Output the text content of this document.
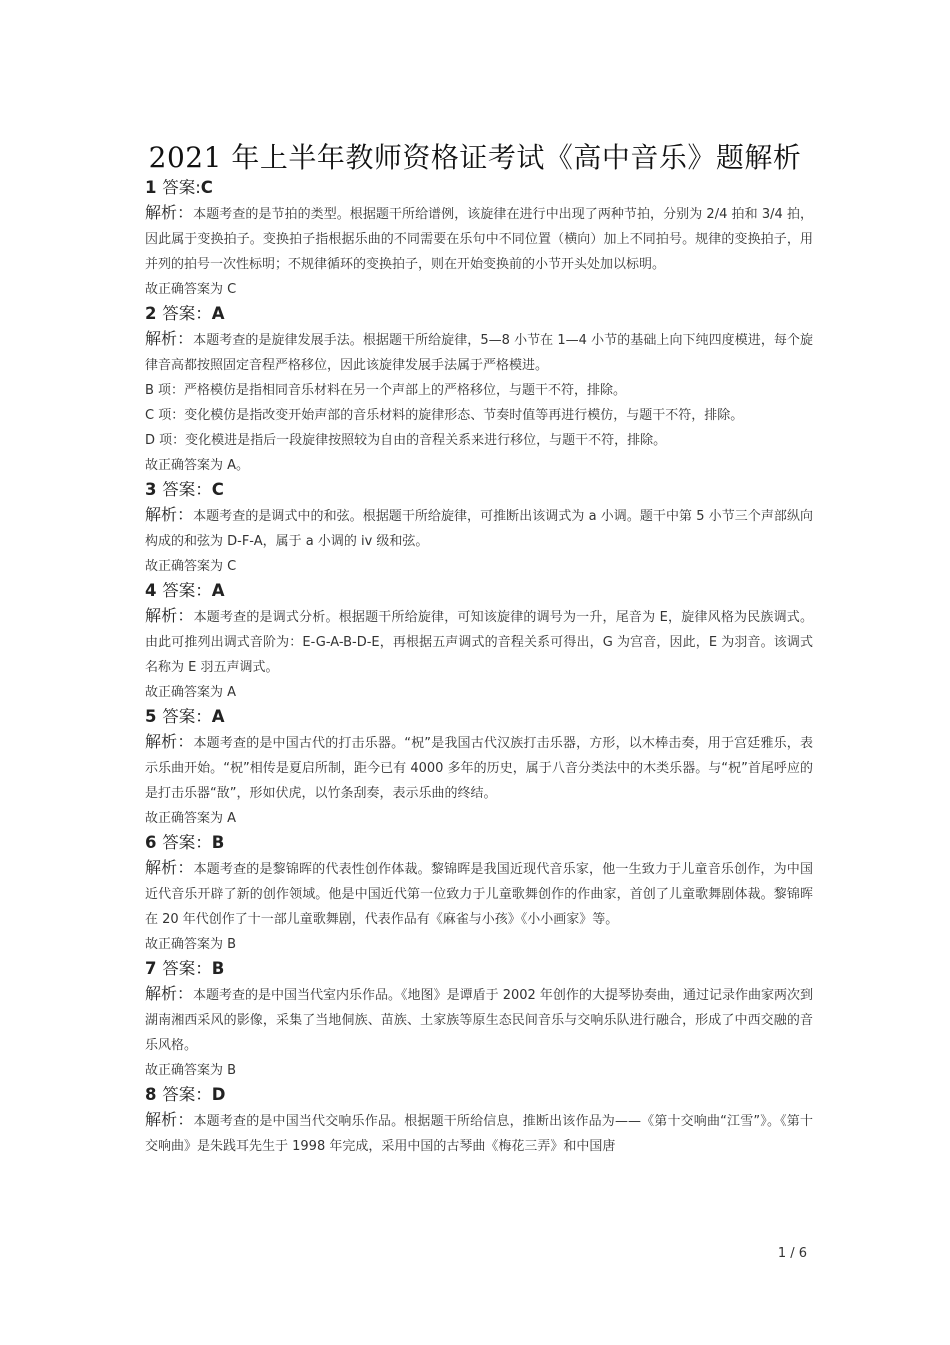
2021 年上半年教师资格证考试《高中音乐》题解析

1 答案:C

解析：本题考查的是节拍的类型。根据题干所给谱例，该旋律在进行中出现了两种节拍，分别为 2/4 拍和 3/4 拍，因此属于变换拍子。变换拍子指根据乐曲的不同需要在乐句中不同位置（横向）加上不同拍号。规律的变换拍子，用并列的拍号一次性标明；不规律循环的变换拍子，则在开始变换前的小节开头处加以标明。

故正确答案为 C

2 答案：A

解析：本题考查的是旋律发展手法。根据题干所给旋律，5—8 小节在 1—4 小节的基础上向下纯四度模进，每个旋律音高都按照固定音程严格移位，因此该旋律发展手法属于严格模进。

B 项：严格模仿是指相同音乐材料在另一个声部上的严格移位，与题干不符，排除。

C 项：变化模仿是指改变开始声部的音乐材料的旋律形态、节奏时值等再进行模仿，与题干不符，排除。

D 项：变化模进是指后一段旋律按照较为自由的音程关系来进行移位，与题干不符，排除。

故正确答案为 A。

3 答案：C

解析：本题考查的是调式中的和弦。根据题干所给旋律，可推断出该调式为 a 小调。题干中第 5 小节三个声部纵向构成的和弦为 D-F-A，属于 a 小调的 iv 级和弦。

故正确答案为 C

4 答案：A

解析：本题考查的是调式分析。根据题干所给旋律，可知该旋律的调号为一升，尾音为 E，旋律风格为民族调式。由此可推列出调式音阶为：E-G-A-B-D-E，再根据五声调式的音程关系可得出，G 为宫音，因此，E 为羽音。该调式名称为 E 羽五声调式。

故正确答案为 A

5 答案：A

解析：本题考查的是中国古代的打击乐器。“柷”是我国古代汉族打击乐器，方形，以木棒击奏，用于宫廷雅乐，表示乐曲开始。“柷”相传是夏启所制，距今已有 4000 多年的历史，属于八音分类法中的木类乐器。与“柷”首尾呼应的是打击乐器“敔”，形如伏虎，以竹条刮奏，表示乐曲的终结。

故正确答案为 A

6 答案：B

解析：本题考查的是黎锦晖的代表性创作体裁。黎锦晖是我国近现代音乐家，他一生致力于儿童音乐创作，为中国近代音乐开辟了新的创作领域。他是中国近代第一位致力于儿童歌舞创作的作曲家，首创了儿童歌舞剧体裁。黎锦晖在 20 年代创作了十一部儿童歌舞剧，代表作品有《麻雀与小孩》《小小画家》等。

故正确答案为 B

7 答案：B

解析：本题考查的是中国当代室内乐作品。《地图》是谭盾于 2002 年创作的大提琴协奏曲，通过记录作曲家两次到湖南湘西采风的影像，采集了当地侗族、苗族、土家族等原生态民间音乐与交响乐队进行融合，形成了中西交融的音乐风格。

故正确答案为 B

8 答案：D

解析：本题考查的是中国当代交响乐作品。根据题干所给信息，推断出该作品为——《第十交响曲“江雪”》。《第十交响曲》是朱践耳先生于 1998 年完成，采用中国的古琴曲《梅花三弄》和中国唐

1 / 6
